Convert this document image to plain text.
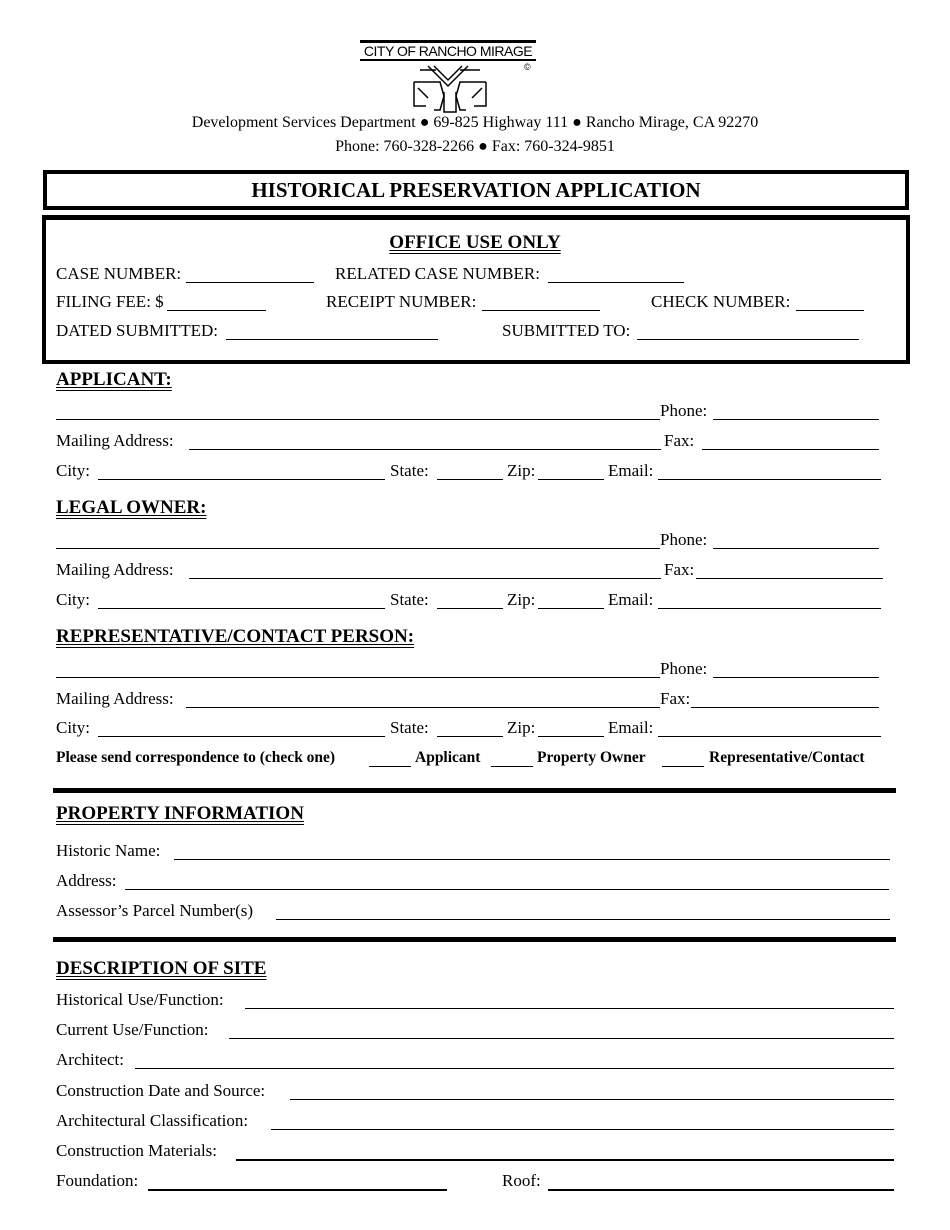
CITY OF RANCHO MIRAGE
©
Development Services Department ● 69-825 Highway 111 ● Rancho Mirage, CA 92270
Phone: 760-328-2266 ● Fax: 760-324-9851
HISTORICAL PRESERVATION APPLICATION
OFFICE USE ONLY
CASE NUMBER:	RELATED CASE NUMBER:
FILING FEE: $	RECEIPT NUMBER:	CHECK NUMBER:
DATED SUBMITTED:	SUBMITTED TO:
APPLICANT:
Phone:
Mailing Address:	Fax:
City:	State:	Zip:	Email:
LEGAL OWNER:
Phone:
Mailing Address:	Fax:
City:	State:	Zip:	Email:
REPRESENTATIVE/CONTACT PERSON:
Phone:
Mailing Address:	Fax:
City:	State:	Zip:	Email:
Please send correspondence to (check one)	Applicant	Property Owner	Representative/Contact
PROPERTY INFORMATION
Historic Name:
Address:
Assessor’s Parcel Number(s)
DESCRIPTION OF SITE
Historical Use/Function:
Current Use/Function:
Architect:
Construction Date and Source:
Architectural Classification:
Construction Materials:
Foundation:	Roof:
